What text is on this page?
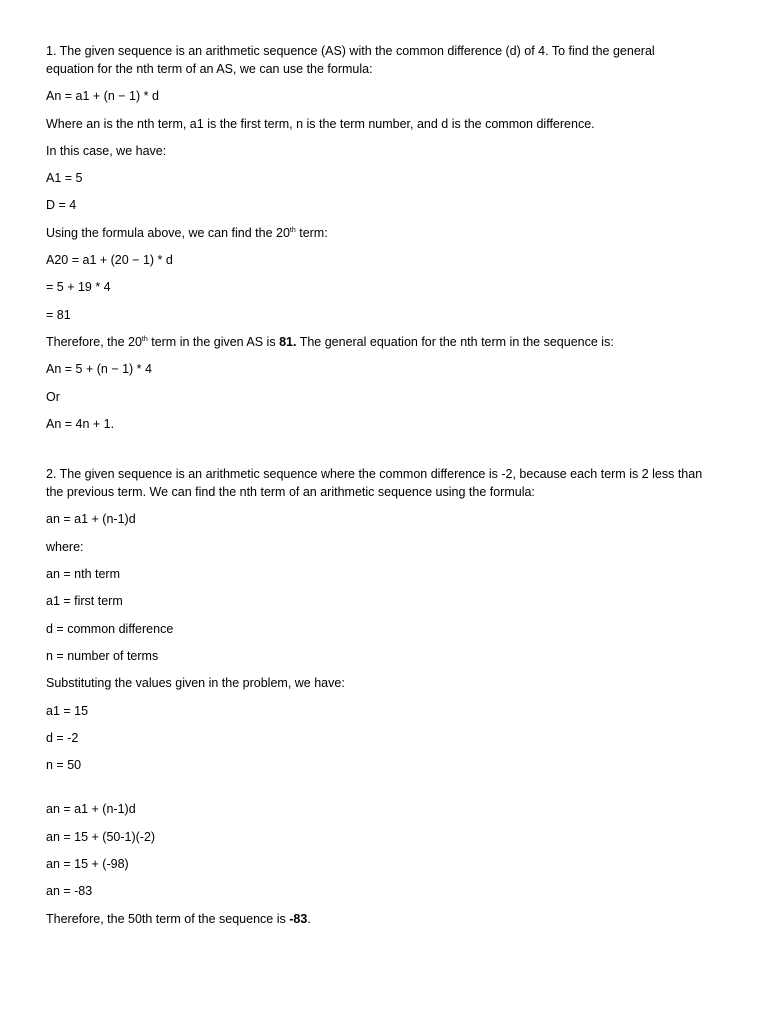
1. The given sequence is an arithmetic sequence (AS) with the common difference (d) of 4. To find the general equation for the nth term of an AS, we can use the formula:

An = a1 + (n − 1) * d

Where an is the nth term, a1 is the first term, n is the term number, and d is the common difference.

In this case, we have:

A1 = 5

D = 4

Using the formula above, we can find the 20th term:

A20 = a1 + (20 − 1) * d

= 5 + 19 * 4

= 81

Therefore, the 20th term in the given AS is 81. The general equation for the nth term in the sequence is:

An = 5 + (n − 1) * 4

Or

An = 4n + 1.

2. The given sequence is an arithmetic sequence where the common difference is -2, because each term is 2 less than the previous term. We can find the nth term of an arithmetic sequence using the formula:

an = a1 + (n-1)d

where:

an = nth term

a1 = first term

d = common difference

n = number of terms

Substituting the values given in the problem, we have:

a1 = 15

d = -2

n = 50

an = a1 + (n-1)d

an = 15 + (50-1)(-2)

an = 15 + (-98)

an = -83

Therefore, the 50th term of the sequence is -83.
